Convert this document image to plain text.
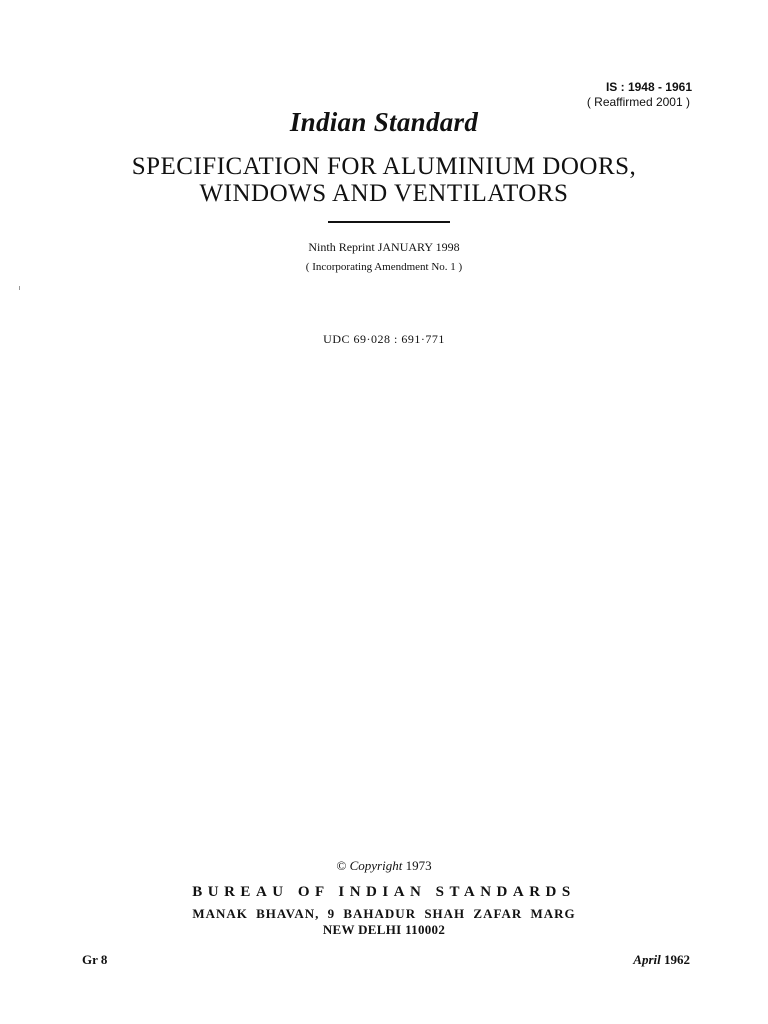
IS : 1948 - 1961
( Reaffirmed 2001 )
Indian Standard
SPECIFICATION FOR ALUMINIUM DOORS,
WINDOWS AND VENTILATORS
Ninth Reprint JANUARY 1998
( Incorporating Amendment No. 1 )
UDC 69·028 : 691·771
© Copyright 1973
BUREAU OF INDIAN STANDARDS
MANAK BHAVAN, 9 BAHADUR SHAH ZAFAR MARG
NEW DELHI 110002
Gr 8	April 1962
